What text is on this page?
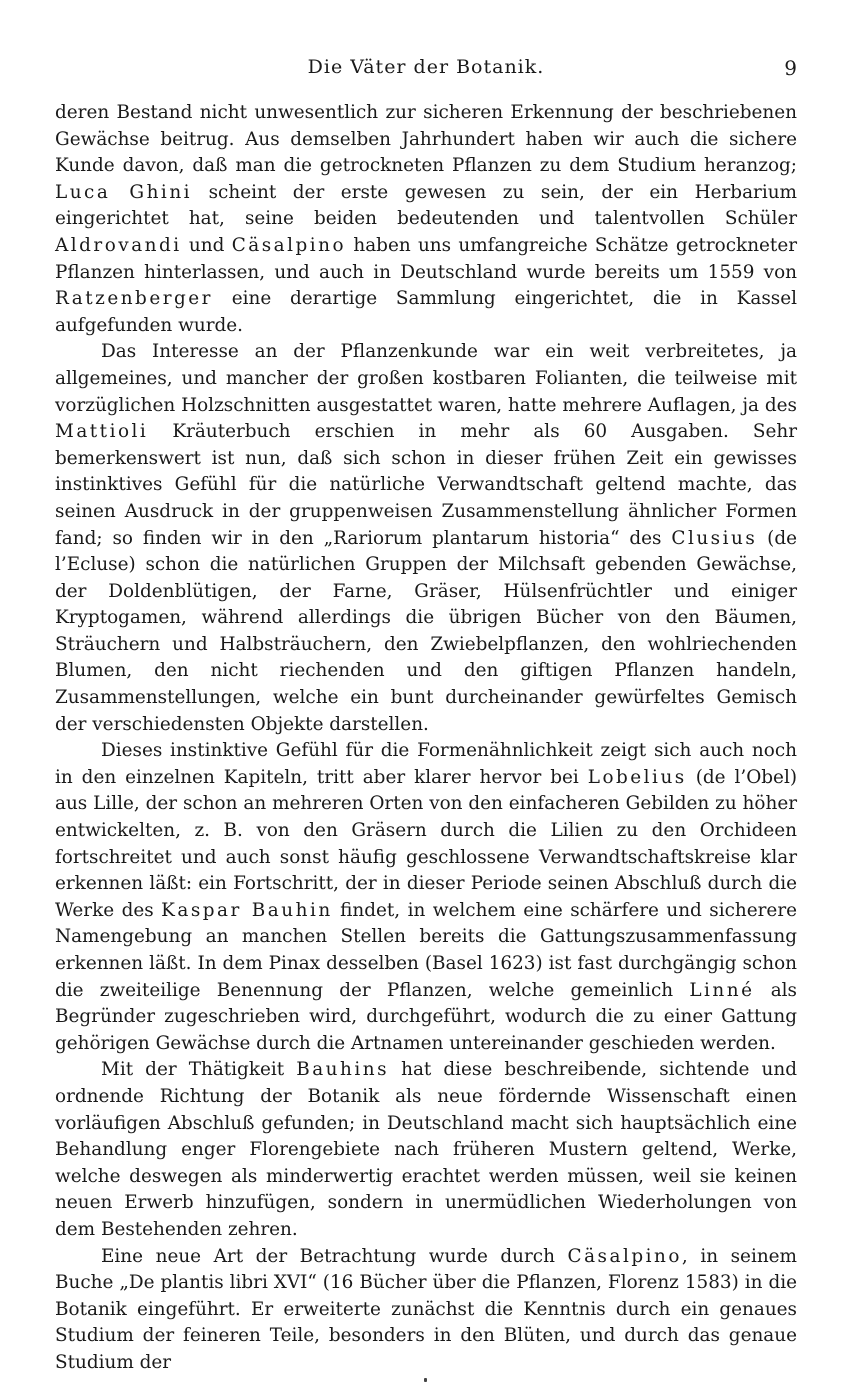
Die Väter der Botanik.	9

deren Bestand nicht unwesentlich zur sicheren Erkennung der beschriebenen Gewächse beitrug. Aus demselben Jahrhundert haben wir auch die sichere Kunde davon, daß man die getrockneten Pflanzen zu dem Studium heranzog; Luca Ghini scheint der erste gewesen zu sein, der ein Herbarium eingerichtet hat, seine beiden bedeutenden und talentvollen Schüler Aldrovandi und Cäsalpino haben uns umfangreiche Schätze getrockneter Pflanzen hinterlassen, und auch in Deutschland wurde bereits um 1559 von Ratzenberger eine derartige Sammlung eingerichtet, die in Kassel aufgefunden wurde.

Das Interesse an der Pflanzenkunde war ein weit verbreitetes, ja allgemeines, und mancher der großen kostbaren Folianten, die teilweise mit vorzüglichen Holzschnitten ausgestattet waren, hatte mehrere Auflagen, ja des Mattioli Kräuterbuch erschien in mehr als 60 Ausgaben. Sehr bemerkenswert ist nun, daß sich schon in dieser frühen Zeit ein gewisses instinktives Gefühl für die natürliche Verwandtschaft geltend machte, das seinen Ausdruck in der gruppenweisen Zusammenstellung ähnlicher Formen fand; so finden wir in den „Rariorum plantarum historia“ des Clusius (de l’Ecluse) schon die natürlichen Gruppen der Milchsaft gebenden Gewächse, der Doldenblütigen, der Farne, Gräser, Hülsenfrüchtler und einiger Kryptogamen, während allerdings die übrigen Bücher von den Bäumen, Sträuchern und Halbsträuchern, den Zwiebelpflanzen, den wohlriechenden Blumen, den nicht riechenden und den giftigen Pflanzen handeln, Zusammenstellungen, welche ein bunt durcheinander gewürfeltes Gemisch der verschiedensten Objekte darstellen.

Dieses instinktive Gefühl für die Formenähnlichkeit zeigt sich auch noch in den einzelnen Kapiteln, tritt aber klarer hervor bei Lobelius (de l’Obel) aus Lille, der schon an mehreren Orten von den einfacheren Gebilden zu höher entwickelten, z. B. von den Gräsern durch die Lilien zu den Orchideen fortschreitet und auch sonst häufig geschlossene Verwandtschaftskreise klar erkennen läßt: ein Fortschritt, der in dieser Periode seinen Abschluß durch die Werke des Kaspar Bauhin findet, in welchem eine schärfere und sicherere Namengebung an manchen Stellen bereits die Gattungszusammenfassung erkennen läßt. In dem Pinax desselben (Basel 1623) ist fast durchgängig schon die zweiteilige Benennung der Pflanzen, welche gemeinlich Linné als Begründer zugeschrieben wird, durchgeführt, wodurch die zu einer Gattung gehörigen Gewächse durch die Artnamen untereinander geschieden werden.

Mit der Thätigkeit Bauhins hat diese beschreibende, sichtende und ordnende Richtung der Botanik als neue fördernde Wissenschaft einen vorläufigen Abschluß gefunden; in Deutschland macht sich hauptsächlich eine Behandlung enger Florengebiete nach früheren Mustern geltend, Werke, welche deswegen als minderwertig erachtet werden müssen, weil sie keinen neuen Erwerb hinzufügen, sondern in unermüdlichen Wiederholungen von dem Bestehenden zehren.

Eine neue Art der Betrachtung wurde durch Cäsalpino, in seinem Buche „De plantis libri XVI“ (16 Bücher über die Pflanzen, Florenz 1583) in die Botanik eingeführt. Er erweiterte zunächst die Kenntnis durch ein genaues Studium der feineren Teile, besonders in den Blüten, und durch das genaue Studium der
